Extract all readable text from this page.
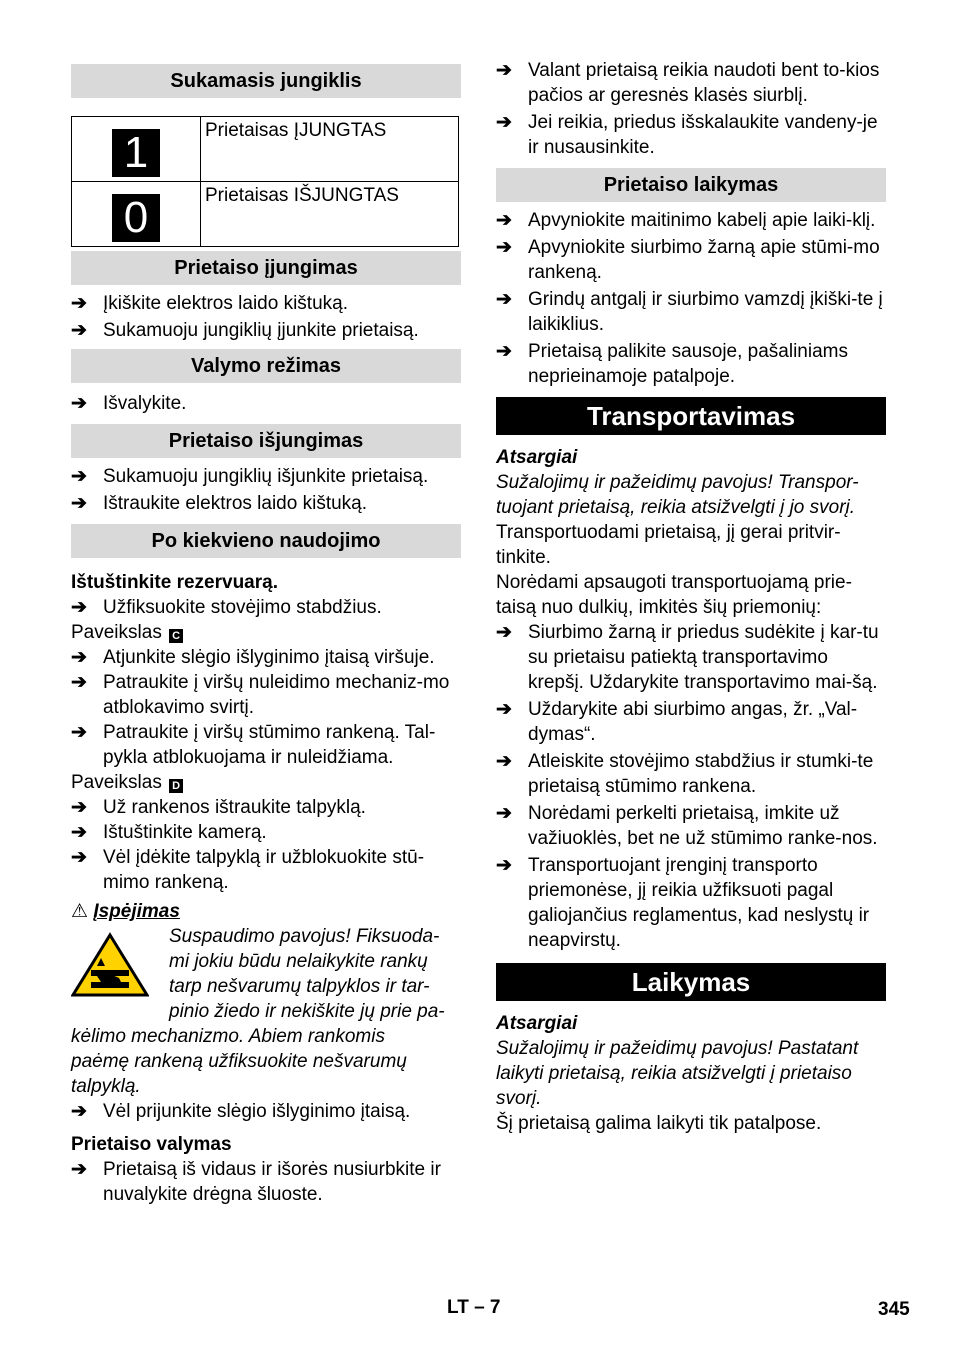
Sukamasis jungiklis
1	Prietaisas ĮJUNGTAS

0	Prietaisas IŠJUNGTAS
Prietaiso įjungimas
➔ Įkiškite elektros laido kištuką.
➔ Sukamuoju jungiklių įjunkite prietaisą.
Valymo režimas
➔ Išvalykite.
Prietaiso išjungimas
➔ Sukamuoju jungiklių išjunkite prietaisą.
➔ Ištraukite elektros laido kištuką.
Po kiekvieno naudojimo
Ištuštinkite rezervuarą.
➔ Užfiksuokite stovėjimo stabdžius.
Paveikslas C
➔ Atjunkite slėgio išlyginimo įtaisą viršuje.
➔ Patraukite į viršų nuleidimo mechaniz-mo atblokavimo svirtį.
➔ Patraukite į viršų stūmimo rankeną. Tal-pykla atblokuojama ir nuleidžiama.
Paveikslas D
➔ Už rankenos ištraukite talpyklą.
➔ Ištuštinkite kamerą.
➔ Vėl įdėkite talpyklą ir užblokuokite stū-mimo rankeną.
⚠ Įspėjimas
Suspaudimo pavojus! Fiksuoda-
mi jokiu būdu nelaikykite rankų
tarp nešvarumų talpyklos ir tar-
pinio žiedo ir nekiškite jų prie pa-
kėlimo mechanizmo. Abiem rankomis
paėmę rankeną užfiksuokite nešvarumų
talpyklą.
➔ Vėl prijunkite slėgio išlyginimo įtaisą.
Prietaiso valymas
➔ Prietaisą iš vidaus ir išorės nusiurbkite ir nuvalykite drėgna šluoste.
➔ Valant prietaisą reikia naudoti bent to-kios pačios ar geresnės klasės siurblį.
➔ Jei reikia, priedus išskalaukite vandeny-je ir nusausinkite.
Prietaiso laikymas
➔ Apvyniokite maitinimo kabelį apie laiki-klį.
➔ Apvyniokite siurbimo žarną apie stūmi-mo rankeną.
➔ Grindų antgalį ir siurbimo vamzdį įkiški-te į laikiklius.
➔ Prietaisą palikite sausoje, pašaliniams neprieinamoje patalpoje.
Transportavimas
Atsargiai
Sužalojimų ir pažeidimų pavojus! Transpor-tuojant prietaisą, reikia atsižvelgti į jo svorį.
Transportuodami prietaisą, jį gerai pritvir-tinkite.
Norėdami apsaugoti transportuojamą prie-taisą nuo dulkių, imkitės šių priemonių:
➔ Siurbimo žarną ir priedus sudėkite į kar-tu su prietaisu patiektą transportavimo krepšį. Uždarykite transportavimo mai-šą.
➔ Uždarykite abi siurbimo angas, žr. „Val-dymas“.
➔ Atleiskite stovėjimo stabdžius ir stumki-te prietaisą stūmimo rankena.
➔ Norėdami perkelti prietaisą, imkite už važiuoklės, bet ne už stūmimo ranke-nos.
➔ Transportuojant įrenginį transporto priemonėse, jį reikia užfiksuoti pagal galiojančius reglamentus, kad neslystų ir neapvirstų.
Laikymas
Atsargiai
Sužalojimų ir pažeidimų pavojus! Pastatant laikyti prietaisą, reikia atsižvelgti į prietaiso svorį.
Šį prietaisą galima laikyti tik patalpose.
LT – 7	345
